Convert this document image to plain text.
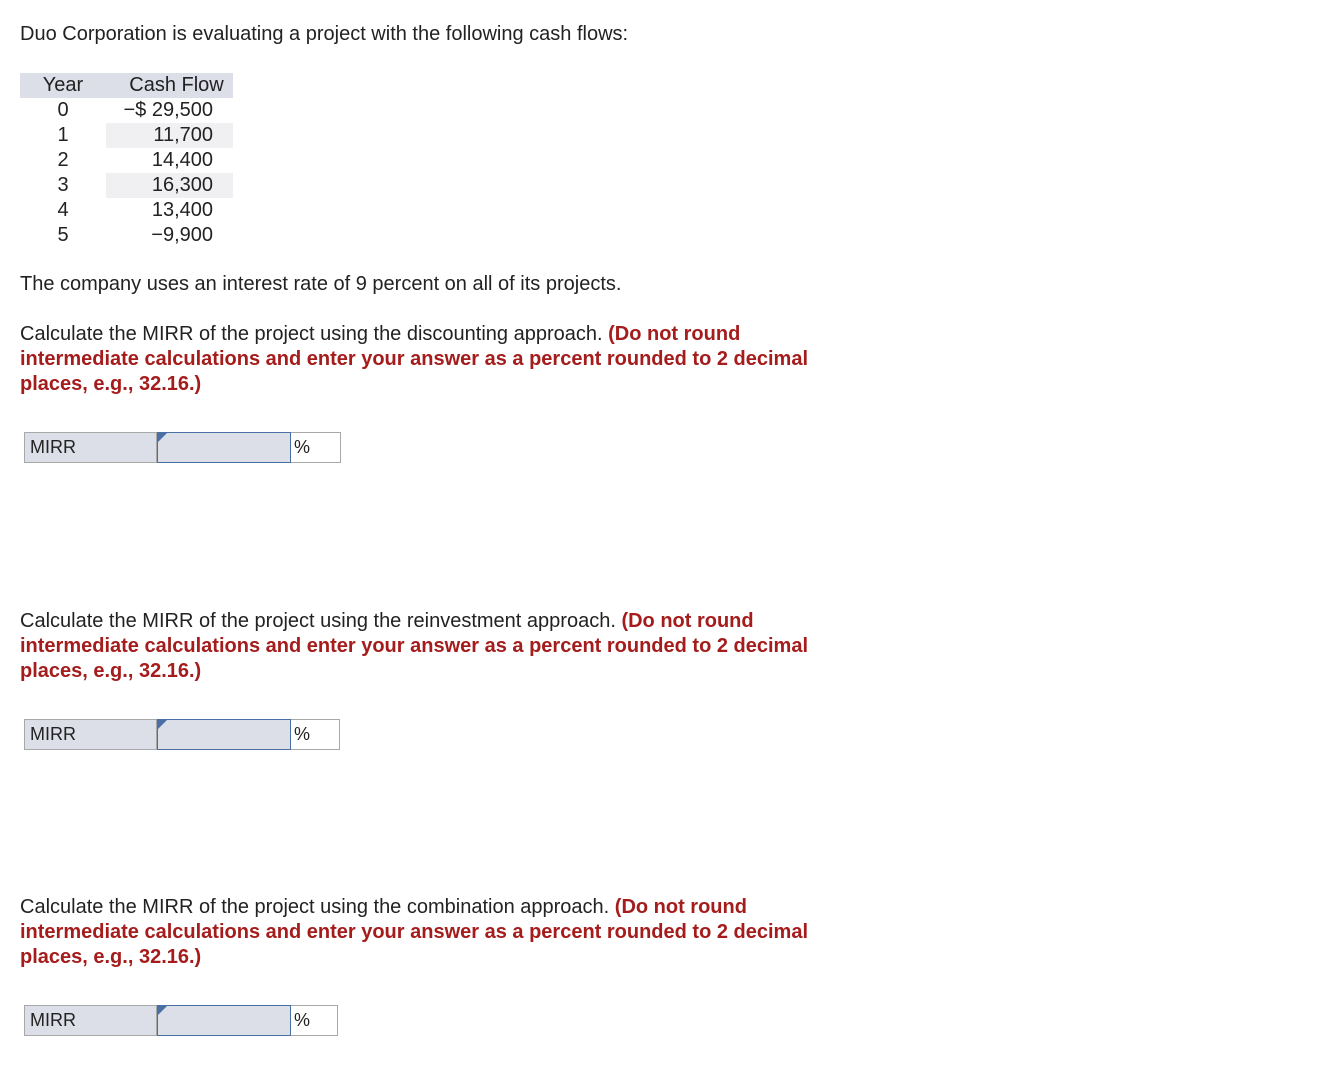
Duo Corporation is evaluating a project with the following cash flows:

Year	Cash Flow
0	−$ 29,500
1	11,700
2	14,400
3	16,300
4	13,400
5	−9,900

The company uses an interest rate of 9 percent on all of its projects.

Calculate the MIRR of the project using the discounting approach. (Do not round
intermediate calculations and enter your answer as a percent rounded to 2 decimal
places, e.g., 32.16.)
MIRR	%
Calculate the MIRR of the project using the reinvestment approach. (Do not round
intermediate calculations and enter your answer as a percent rounded to 2 decimal
places, e.g., 32.16.)
MIRR	%
Calculate the MIRR of the project using the combination approach. (Do not round
intermediate calculations and enter your answer as a percent rounded to 2 decimal
places, e.g., 32.16.)
MIRR	%
